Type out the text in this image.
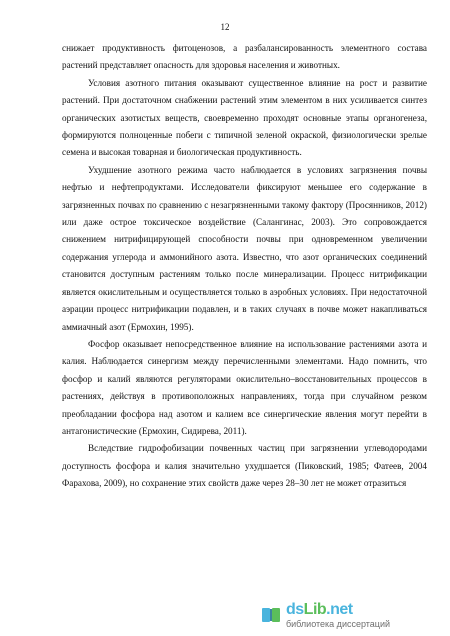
12

снижает продуктивность фитоценозов, а разбалансированность элементного состава растений представляет опасность для здоровья населения и животных.

Условия азотного питания оказывают существенное влияние на рост и развитие растений. При достаточном снабжении растений этим элементом в них усиливается синтез органических азотистых веществ, своевременно проходят основные этапы органогенеза, формируются полноценные побеги с типичной зеленой окраской, физиологически зрелые семена и высокая товарная и биологическая продуктивность.

Ухудшение азотного режима часто наблюдается в условиях загрязнения почвы нефтью и нефтепродуктами. Исследователи фиксируют меньшее его содержание в загрязненных почвах по сравнению с незагрязненными такому фактору (Просянников, 2012) или даже острое токсическое воздействие (Салангинас, 2003). Это сопровождается снижением нитрифицирующей способности почвы при одновременном увеличении содержания углерода и аммонийного азота. Известно, что азот органических соединений становится доступным растениям только после минерализации. Процесс нитрификации является окислительным и осуществляется только в аэробных условиях. При недостаточной аэрации процесс нитрификации подавлен, и в таких случаях в почве может накапливаться аммиачный азот (Ермохин, 1995).

Фосфор оказывает непосредственное влияние на использование растениями азота и калия. Наблюдается синергизм между перечисленными элементами. Надо помнить, что фосфор и калий являются регуляторами окислительно–восстановительных процессов в растениях, действуя в противоположных направлениях, тогда при случайном резком преобладании фосфора над азотом и калием все синергические явления могут перейти в антагонистические (Ермохин, Сидирева, 2011).

Вследствие гидрофобизации почвенных частиц при загрязнении углеводородами доступность фосфора и калия значительно ухудшается (Пиковский, 1985; Фатеев, 2004 Фарахова, 2009), но сохранение этих свойств даже через 28–30 лет не может отразиться

dsLib.net
библиотека диссертаций
